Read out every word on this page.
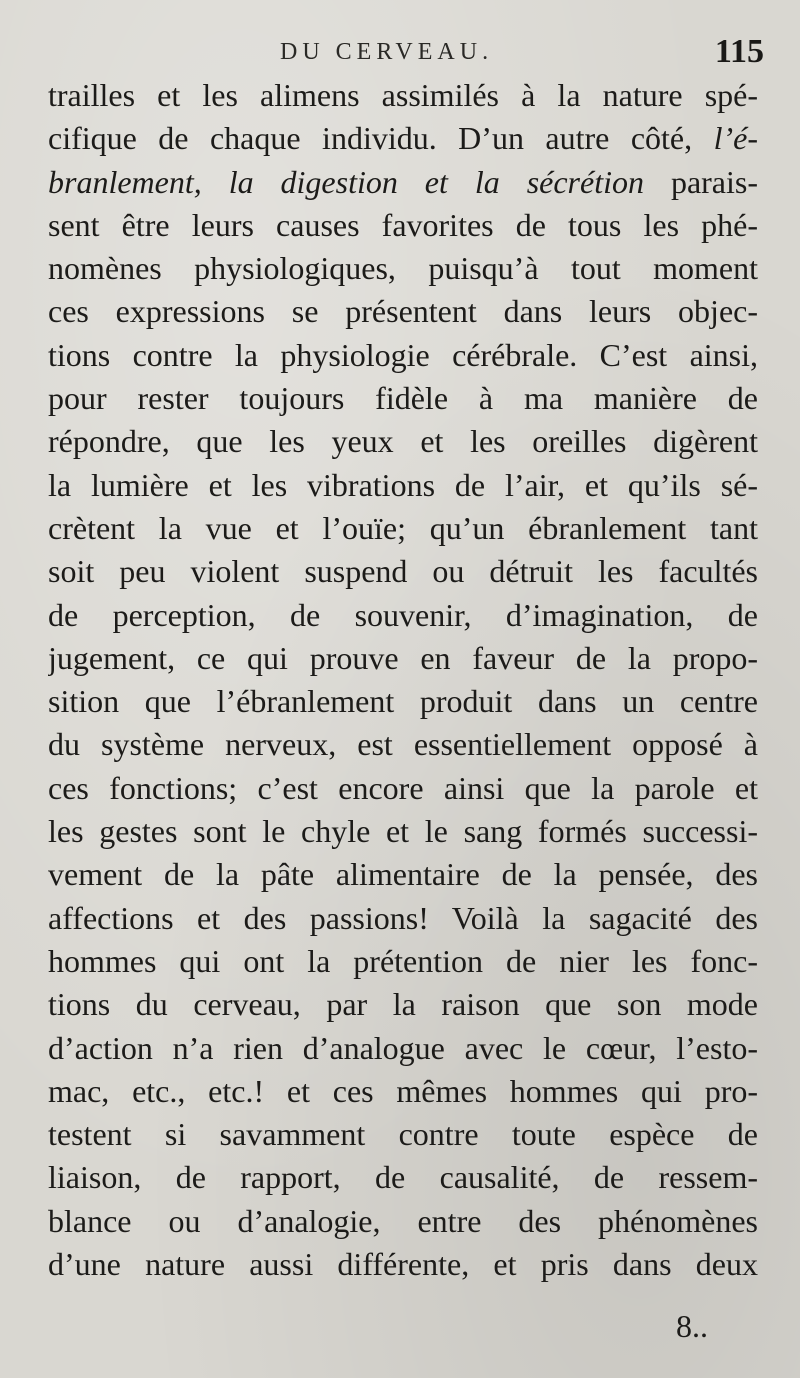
DU CERVEAU.	115
trailles et les alimens assimilés à la nature spé-
cifique de chaque individu. D’un autre côté, l’é-
branlement, la digestion et la sécrétion parais-
sent être leurs causes favorites de tous les phé-
nomènes physiologiques, puisqu’à tout moment
ces expressions se présentent dans leurs objec-
tions contre la physiologie cérébrale. C’est ainsi,
pour rester toujours fidèle à ma manière de
répondre, que les yeux et les oreilles digèrent
la lumière et les vibrations de l’air, et qu’ils sé-
crètent la vue et l’ouïe; qu’un ébranlement tant
soit peu violent suspend ou détruit les facultés
de perception, de souvenir, d’imagination, de
jugement, ce qui prouve en faveur de la propo-
sition que l’ébranlement produit dans un centre
du système nerveux, est essentiellement opposé à
ces fonctions; c’est encore ainsi que la parole et
les gestes sont le chyle et le sang formés successi-
vement de la pâte alimentaire de la pensée, des
affections et des passions! Voilà la sagacité des
hommes qui ont la prétention de nier les fonc-
tions du cerveau, par la raison que son mode
d’action n’a rien d’analogue avec le cœur, l’esto-
mac, etc., etc.! et ces mêmes hommes qui pro-
testent si savamment contre toute espèce de
liaison, de rapport, de causalité, de ressem-
blance ou d’analogie, entre des phénomènes
d’une nature aussi différente, et pris dans deux
8..
